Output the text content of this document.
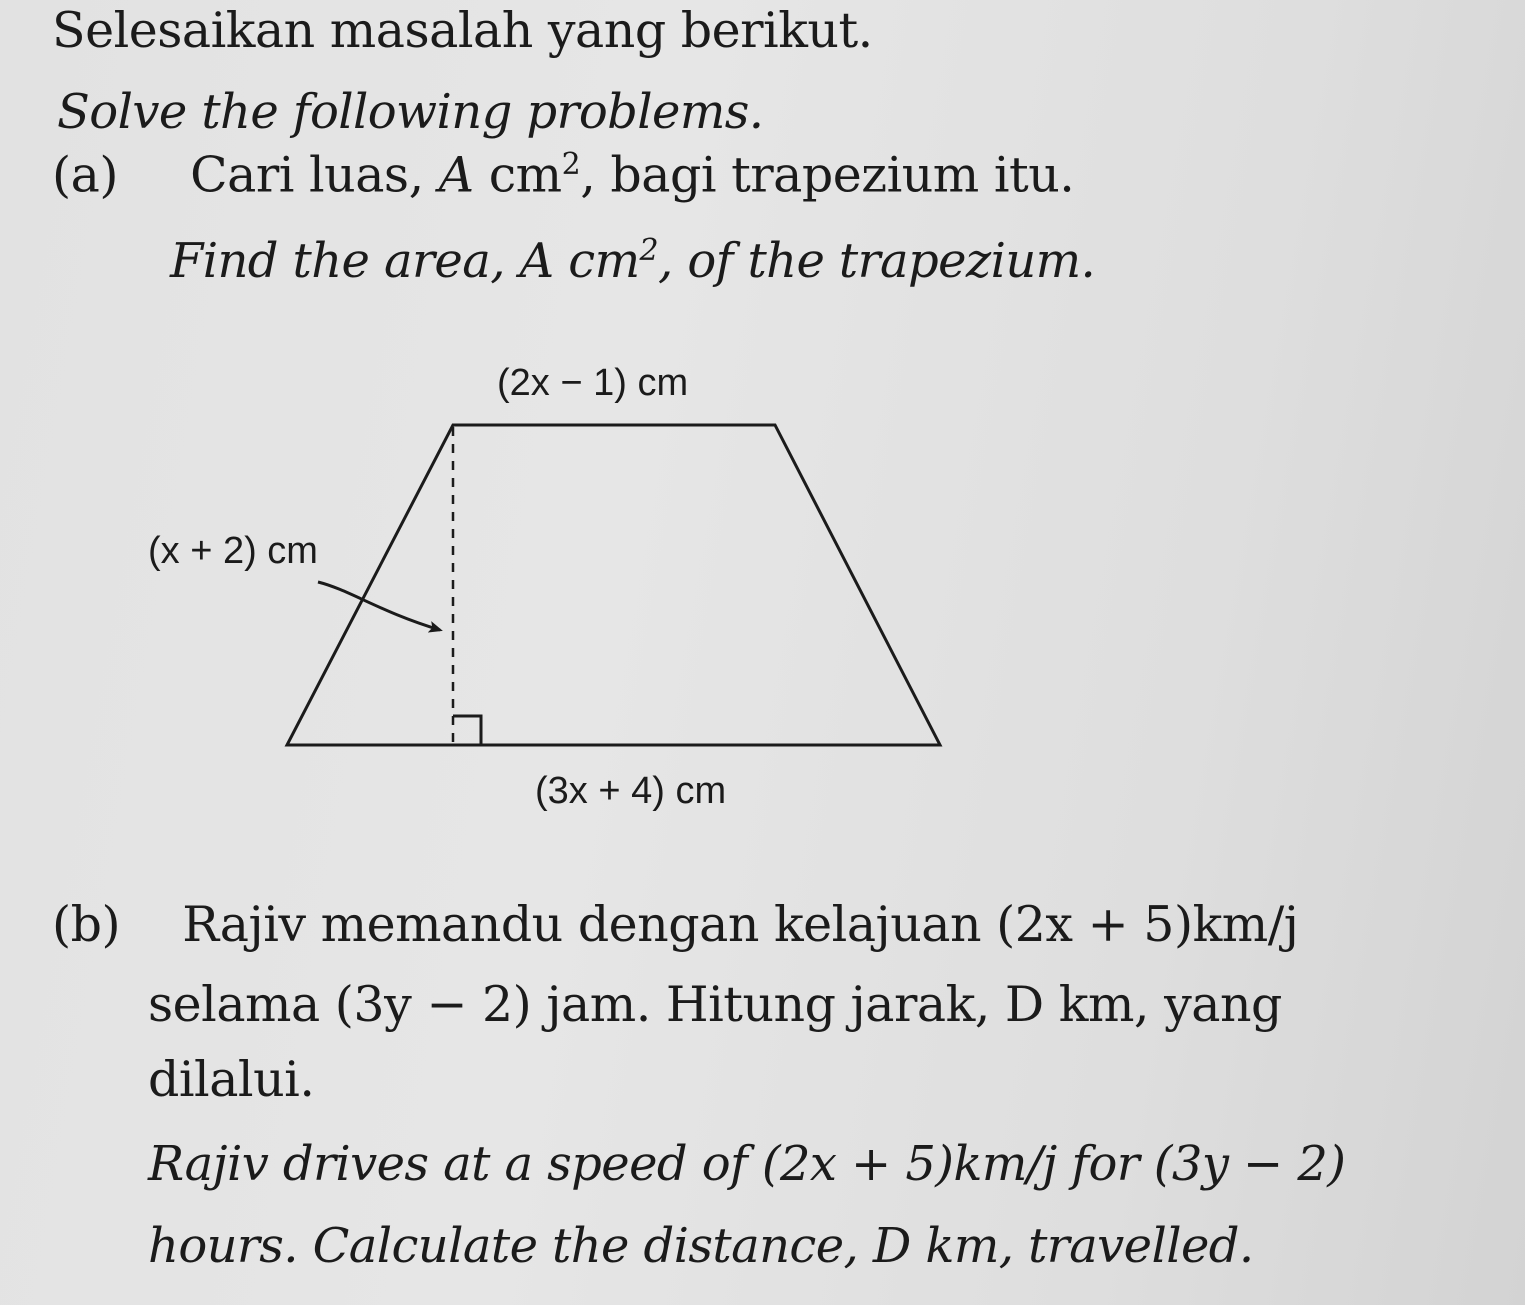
Selesaikan masalah yang berikut.
Solve the following problems.
(a) Cari luas, A $cm^2$, bagi trapezium itu.
Find the area, A $cm^2$, of the trapezium.

(2x − 1) cm

(x + 2) cm

(3x + 4) cm

(b) Rajiv memandu dengan kelajuan (2x + 5)km/j
selama (3y − 2) jam. Hitung jarak, D km, yang
dilalui.
Rajiv drives at a speed of (2x + 5)km/j for (3y − 2)
hours. Calculate the distance, D km, travelled.
